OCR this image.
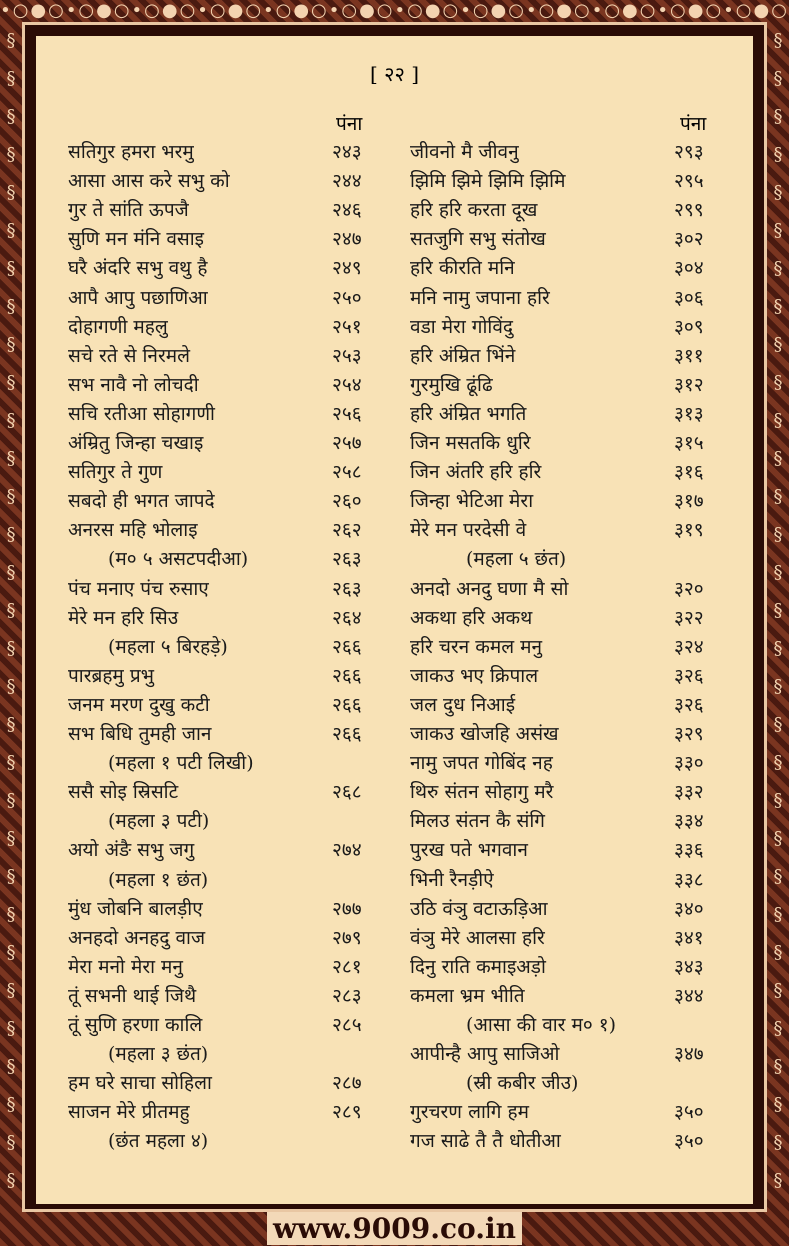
•○●○•○●○•○●○•○●○•○●○•○●○•○●○•○●○•○●○•○●○•○●○•○●○
§
§
§
§
§
§
§
§
§
§
§
§
§
§
§
§
§
§
§
§
§
§
§
§
§
§
§
§
§
§
§
§
§
§
§
§
§
§
§
§
§
§
§
§
§
§
§
§
§
§
§
§
§
§
§
§
§
§
§
§
§
§
[ २२ ]
पंना	पंना
सतिगुर हमरा भरमु	२४३
आसा आस करे सभु को	२४४
गुर ते सांति ऊपजै	२४६
सुणि मन मंनि वसाइ	२४७
घरै अंदरि सभु वथु है	२४९
आपै आपु पछाणिआ	२५०
दोहागणी महलु	२५१
सचे रते से निरमले	२५३
सभ नावै नो लोचदी	२५४
सचि रतीआ सोहागणी	२५६
अंम्रितु जिन्हा चखाइ	२५७
सतिगुर ते गुण	२५८
सबदो ही भगत जापदे	२६०
अनरस महि भोलाइ	२६२
(म० ५ असटपदीआ)	२६३
पंच मनाए पंच रुसाए	२६३
मेरे मन हरि सिउ	२६४
(महला ५ बिरहड़े)	२६६
पारब्रहमु प्रभु	२६६
जनम मरण दुखु कटी	२६६
सभ बिधि तुमही जान	२६६
(महला १ पटी लिखी)
ससै सोइ स्रिसटि	२६८
(महला ३ पटी)
अयो अंङै सभु जगु	२७४
(महला १ छंत)
मुंध जोबनि बालड़ीए	२७७
अनहदो अनहदु वाज	२७९
मेरा मनो मेरा मनु	२८१
तूं सभनी थाई जिथै	२८३
तूं सुणि हरणा कालि	२८५
(महला ३ छंत)
हम घरे साचा सोहिला	२८७
साजन मेरे प्रीतमहु	२८९
(छंत महला ४)
जीवनो मै जीवनु	२९३
झिमि झिमे झिमि झिमि	२९५
हरि हरि करता दूख	२९९
सतजुगि सभु संतोख	३०२
हरि कीरति मनि	३०४
मनि नामु जपाना हरि	३०६
वडा मेरा गोविंदु	३०९
हरि अंम्रित भिंने	३११
गुरमुखि ढूंढि	३१२
हरि अंम्रित भगति	३१३
जिन मसतकि धुरि	३१५
जिन अंतरि हरि हरि	३१६
जिन्हा भेटिआ मेरा	३१७
मेरे मन परदेसी वे	३१९
(महला ५ छंत)
अनदो अनदु घणा मै सो	३२०
अकथा हरि अकथ	३२२
हरि चरन कमल मनु	३२४
जाकउ भए क्रिपाल	३२६
जल दुध निआई	३२६
जाकउ खोजहि असंख	३२९
नामु जपत गोबिंद नह	३३०
थिरु संतन सोहागु मरै	३३२
मिलउ संतन कै संगि	३३४
पुरख पते भगवान	३३६
भिनी रैनड़ीऐ	३३८
उठि वंञु वटाऊड़िआ	३४०
वंञु मेरे आलसा हरि	३४१
दिनु राति कमाइअड़ो	३४३
कमला भ्रम भीति	३४४
(आसा की वार म० १)
आपीन्है आपु साजिओ	३४७
(स्री कबीर जीउ)
गुरचरण लागि हम	३५०
गज साढे तै तै धोतीआ	३५०
www.9009.co.in
